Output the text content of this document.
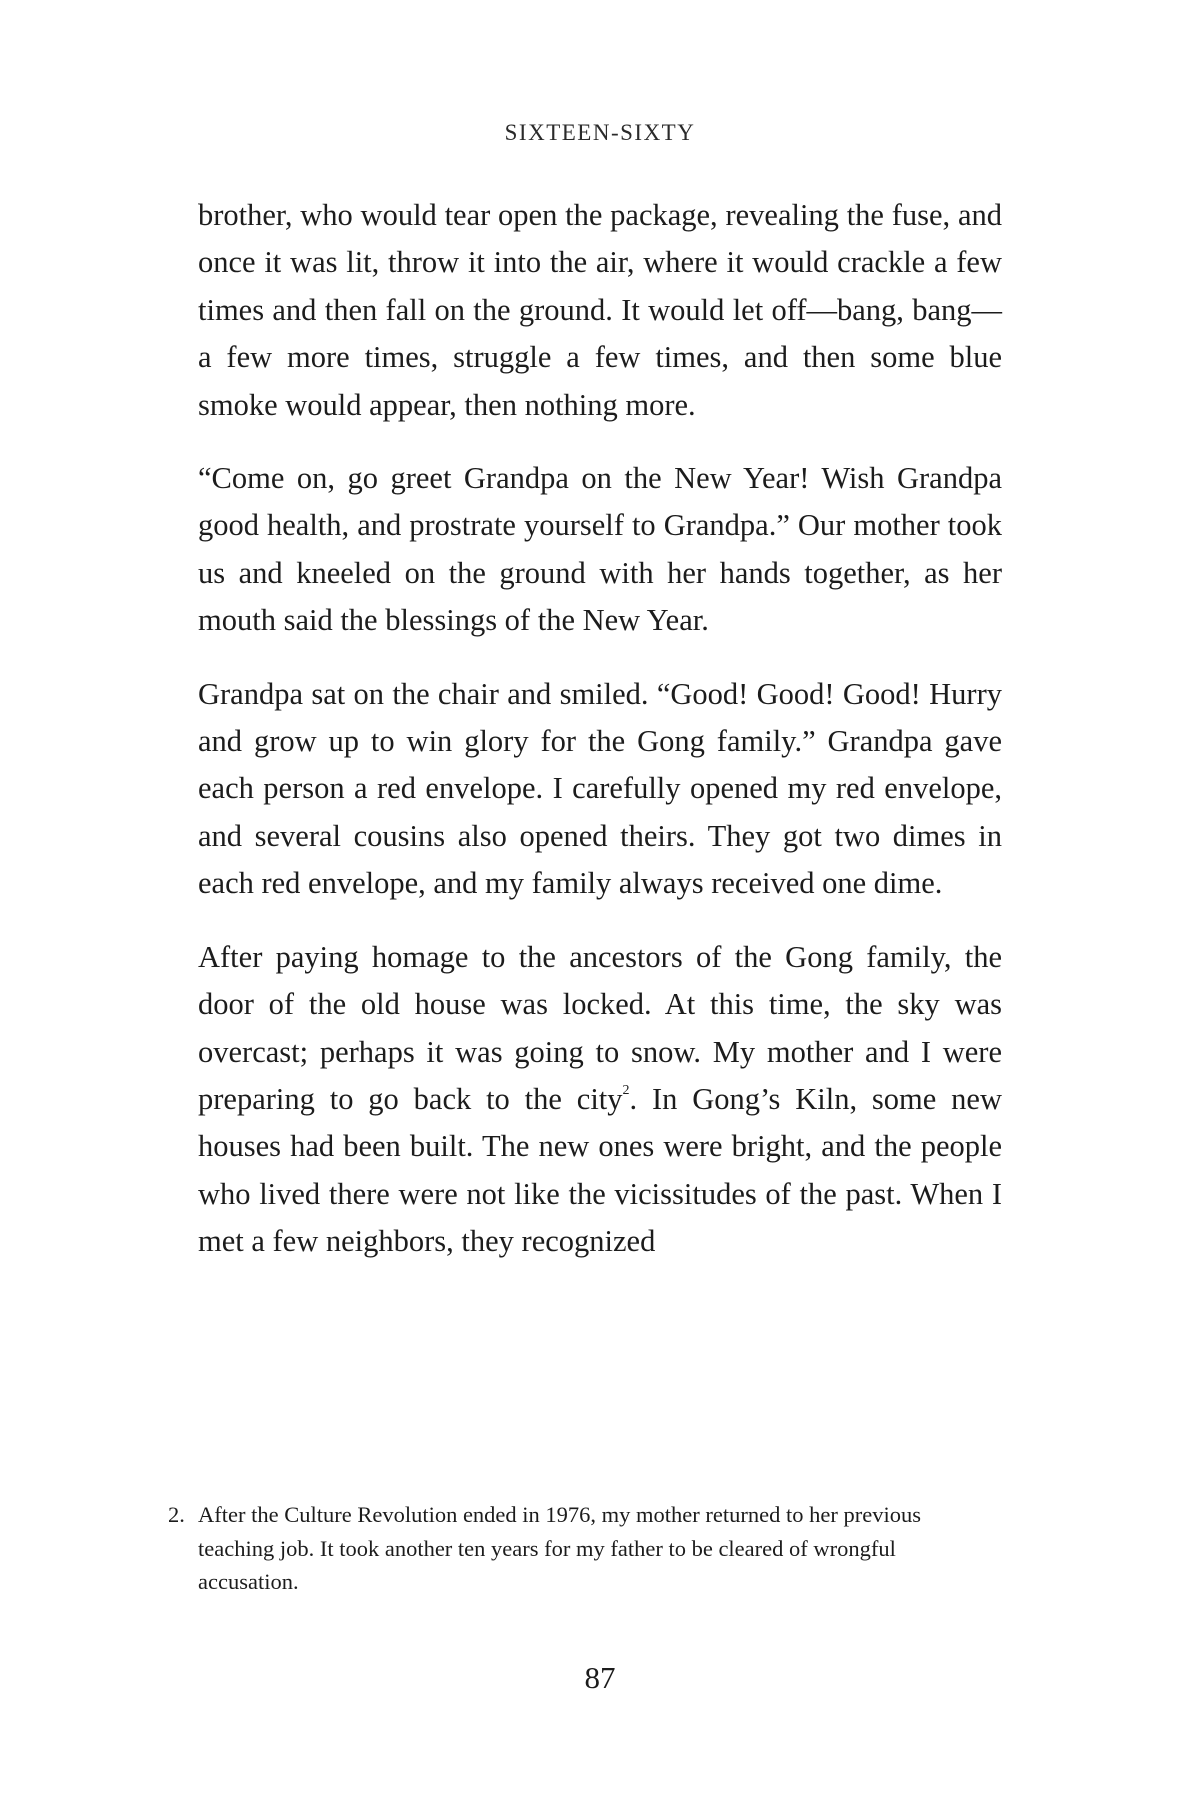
SIXTEEN-SIXTY

brother, who would tear open the package, revealing the fuse, and once it was lit, throw it into the air, where it would crackle a few times and then fall on the ground. It would let off—bang, bang—a few more times, struggle a few times, and then some blue smoke would appear, then nothing more.

“Come on, go greet Grandpa on the New Year! Wish Grandpa good health, and prostrate yourself to Grandpa.” Our mother took us and kneeled on the ground with her hands together, as her mouth said the blessings of the New Year.

Grandpa sat on the chair and smiled. “Good! Good! Good! Hurry and grow up to win glory for the Gong family.” Grandpa gave each person a red envelope. I carefully opened my red envelope, and several cousins also opened theirs. They got two dimes in each red envelope, and my family always received one dime.

After paying homage to the ancestors of the Gong family, the door of the old house was locked. At this time, the sky was overcast; perhaps it was going to snow. My mother and I were preparing to go back to the city$^2$. In Gong’s Kiln, some new houses had been built. The new ones were bright, and the people who lived there were not like the vicissitudes of the past. When I met a few neighbors, they recognized

2. After the Culture Revolution ended in 1976, my mother returned to her previous teaching job. It took another ten years for my father to be cleared of wrongful accusation.
87
